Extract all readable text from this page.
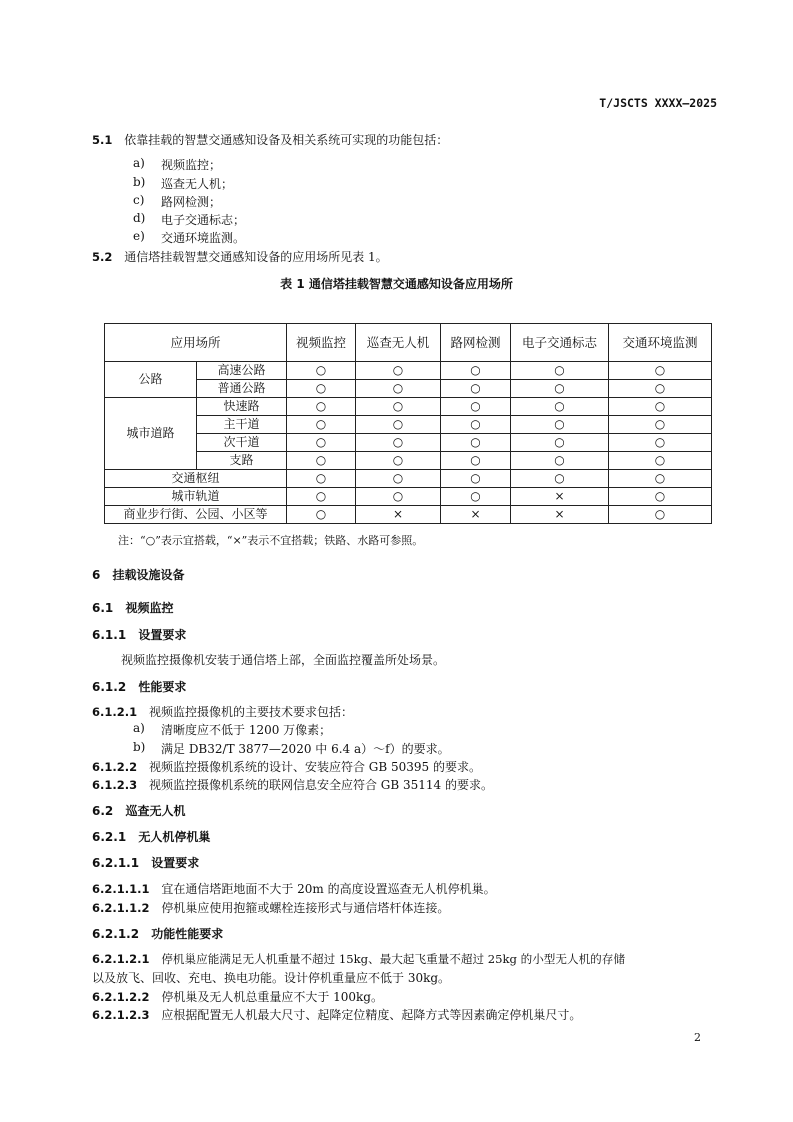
T/JSCTS XXXX—2025
5.1 依靠挂载的智慧交通感知设备及相关系统可实现的功能包括：
a) 视频监控；
b) 巡查无人机；
c) 路网检测；
d) 电子交通标志；
e) 交通环境监测。
5.2 通信塔挂载智慧交通感知设备的应用场所见表 1。
表 1 通信塔挂载智慧交通感知设备应用场所
应用场所		视频监控	巡查无人机	路网检测	电子交通标志	交通环境监测
公路	高速公路	○	○	○	○	○
	普通公路	○	○	○	○	○
城市道路	快速路	○	○	○	○	○
	主干道	○	○	○	○	○
	次干道	○	○	○	○	○
	支路	○	○	○	○	○
交通枢纽		○	○	○	○	○
城市轨道		○	○	○	×	○
商业步行街、公园、小区等		○	×	×	×	○
注：“○”表示宜搭载，“×”表示不宜搭载；铁路、水路可参照。
6 挂载设施设备
6.1 视频监控
6.1.1 设置要求
视频监控摄像机安装于通信塔上部，全面监控覆盖所处场景。
6.1.2 性能要求
6.1.2.1 视频监控摄像机的主要技术要求包括：
a) 清晰度应不低于 1200 万像素；
b) 满足 DB32/T 3877—2020 中 6.4 a）～f）的要求。
6.1.2.2 视频监控摄像机系统的设计、安装应符合 GB 50395 的要求。
6.1.2.3 视频监控摄像机系统的联网信息安全应符合 GB 35114 的要求。
6.2 巡查无人机
6.2.1 无人机停机巢
6.2.1.1 设置要求
6.2.1.1.1 宜在通信塔距地面不大于 20m 的高度设置巡查无人机停机巢。
6.2.1.1.2 停机巢应使用抱箍或螺栓连接形式与通信塔杆体连接。
6.2.1.2 功能性能要求
6.2.1.2.1 停机巢应能满足无人机重量不超过 15kg、最大起飞重量不超过 25kg 的小型无人机的存储
以及放飞、回收、充电、换电功能。设计停机重量应不低于 30kg。
6.2.1.2.2 停机巢及无人机总重量应不大于 100kg。
6.2.1.2.3 应根据配置无人机最大尺寸、起降定位精度、起降方式等因素确定停机巢尺寸。
2
